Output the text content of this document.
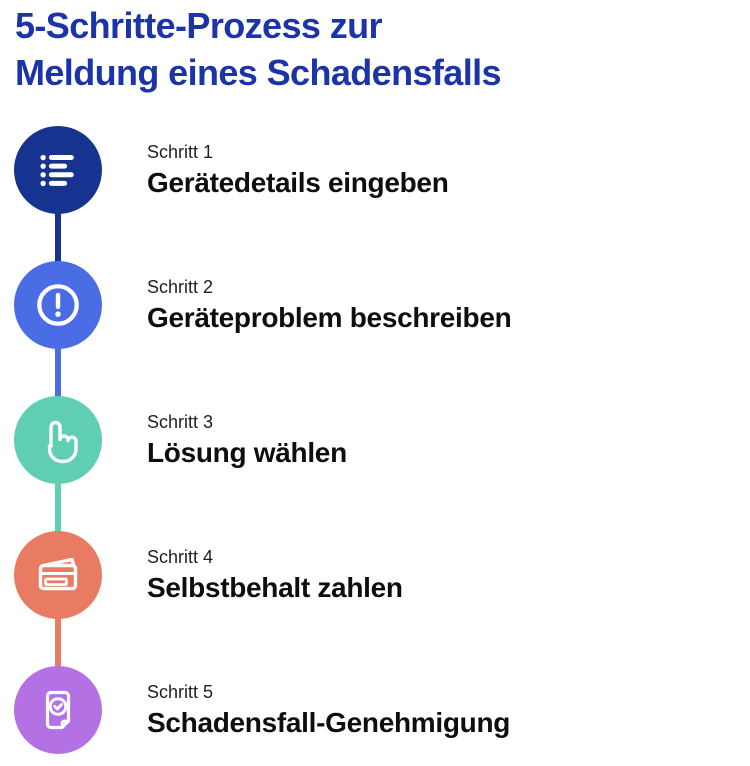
5-Schritte-Prozess zur
Meldung eines Schadensfalls
Schritt 1
Gerätedetails eingeben
Schritt 2
Geräteproblem beschreiben
Schritt 3
Lösung wählen
Schritt 4
Selbstbehalt zahlen
Schritt 5
Schadensfall-Genehmigung
